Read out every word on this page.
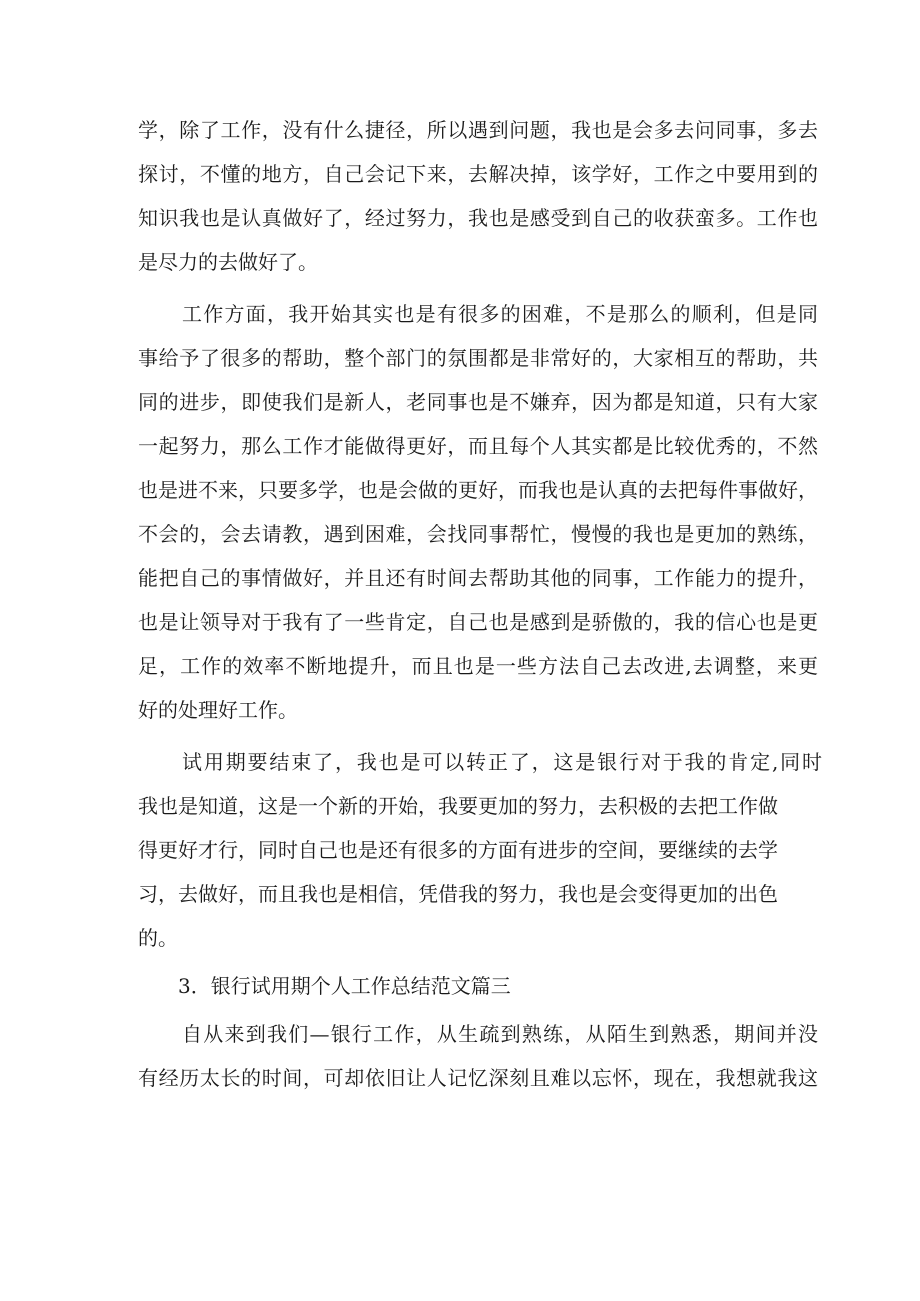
学，除了工作，没有什么捷径，所以遇到问题，我也是会多去问同事，多去
探讨，不懂的地方，自己会记下来，去解决掉，该学好，工作之中要用到的
知识我也是认真做好了，经过努力，我也是感受到自己的收获蛮多。工作也
是尽力的去做好了。
工作方面，我开始其实也是有很多的困难，不是那么的顺利，但是同
事给予了很多的帮助，整个部门的氛围都是非常好的，大家相互的帮助，共
同的进步，即使我们是新人，老同事也是不嫌弃，因为都是知道，只有大家
一起努力，那么工作才能做得更好，而且每个人其实都是比较优秀的，不然
也是进不来，只要多学，也是会做的更好，而我也是认真的去把每件事做好，
不会的，会去请教，遇到困难，会找同事帮忙，慢慢的我也是更加的熟练，
能把自己的事情做好，并且还有时间去帮助其他的同事，工作能力的提升，
也是让领导对于我有了一些肯定，自己也是感到是骄傲的，我的信心也是更
足，工作的效率不断地提升，而且也是一些方法自己去改进,去调整，来更
好的处理好工作。
试用期要结束了，我也是可以转正了，这是银行对于我的肯定,同时
我也是知道，这是一个新的开始，我要更加的努力，去积极的去把工作做
得更好才行，同时自己也是还有很多的方面有进步的空间，要继续的去学
习，去做好，而且我也是相信，凭借我的努力，我也是会变得更加的出色
的。
3．银行试用期个人工作总结范文篇三
自从来到我们—银行工作，从生疏到熟练，从陌生到熟悉，期间并没
有经历太长的时间，可却依旧让人记忆深刻且难以忘怀，现在，我想就我这
